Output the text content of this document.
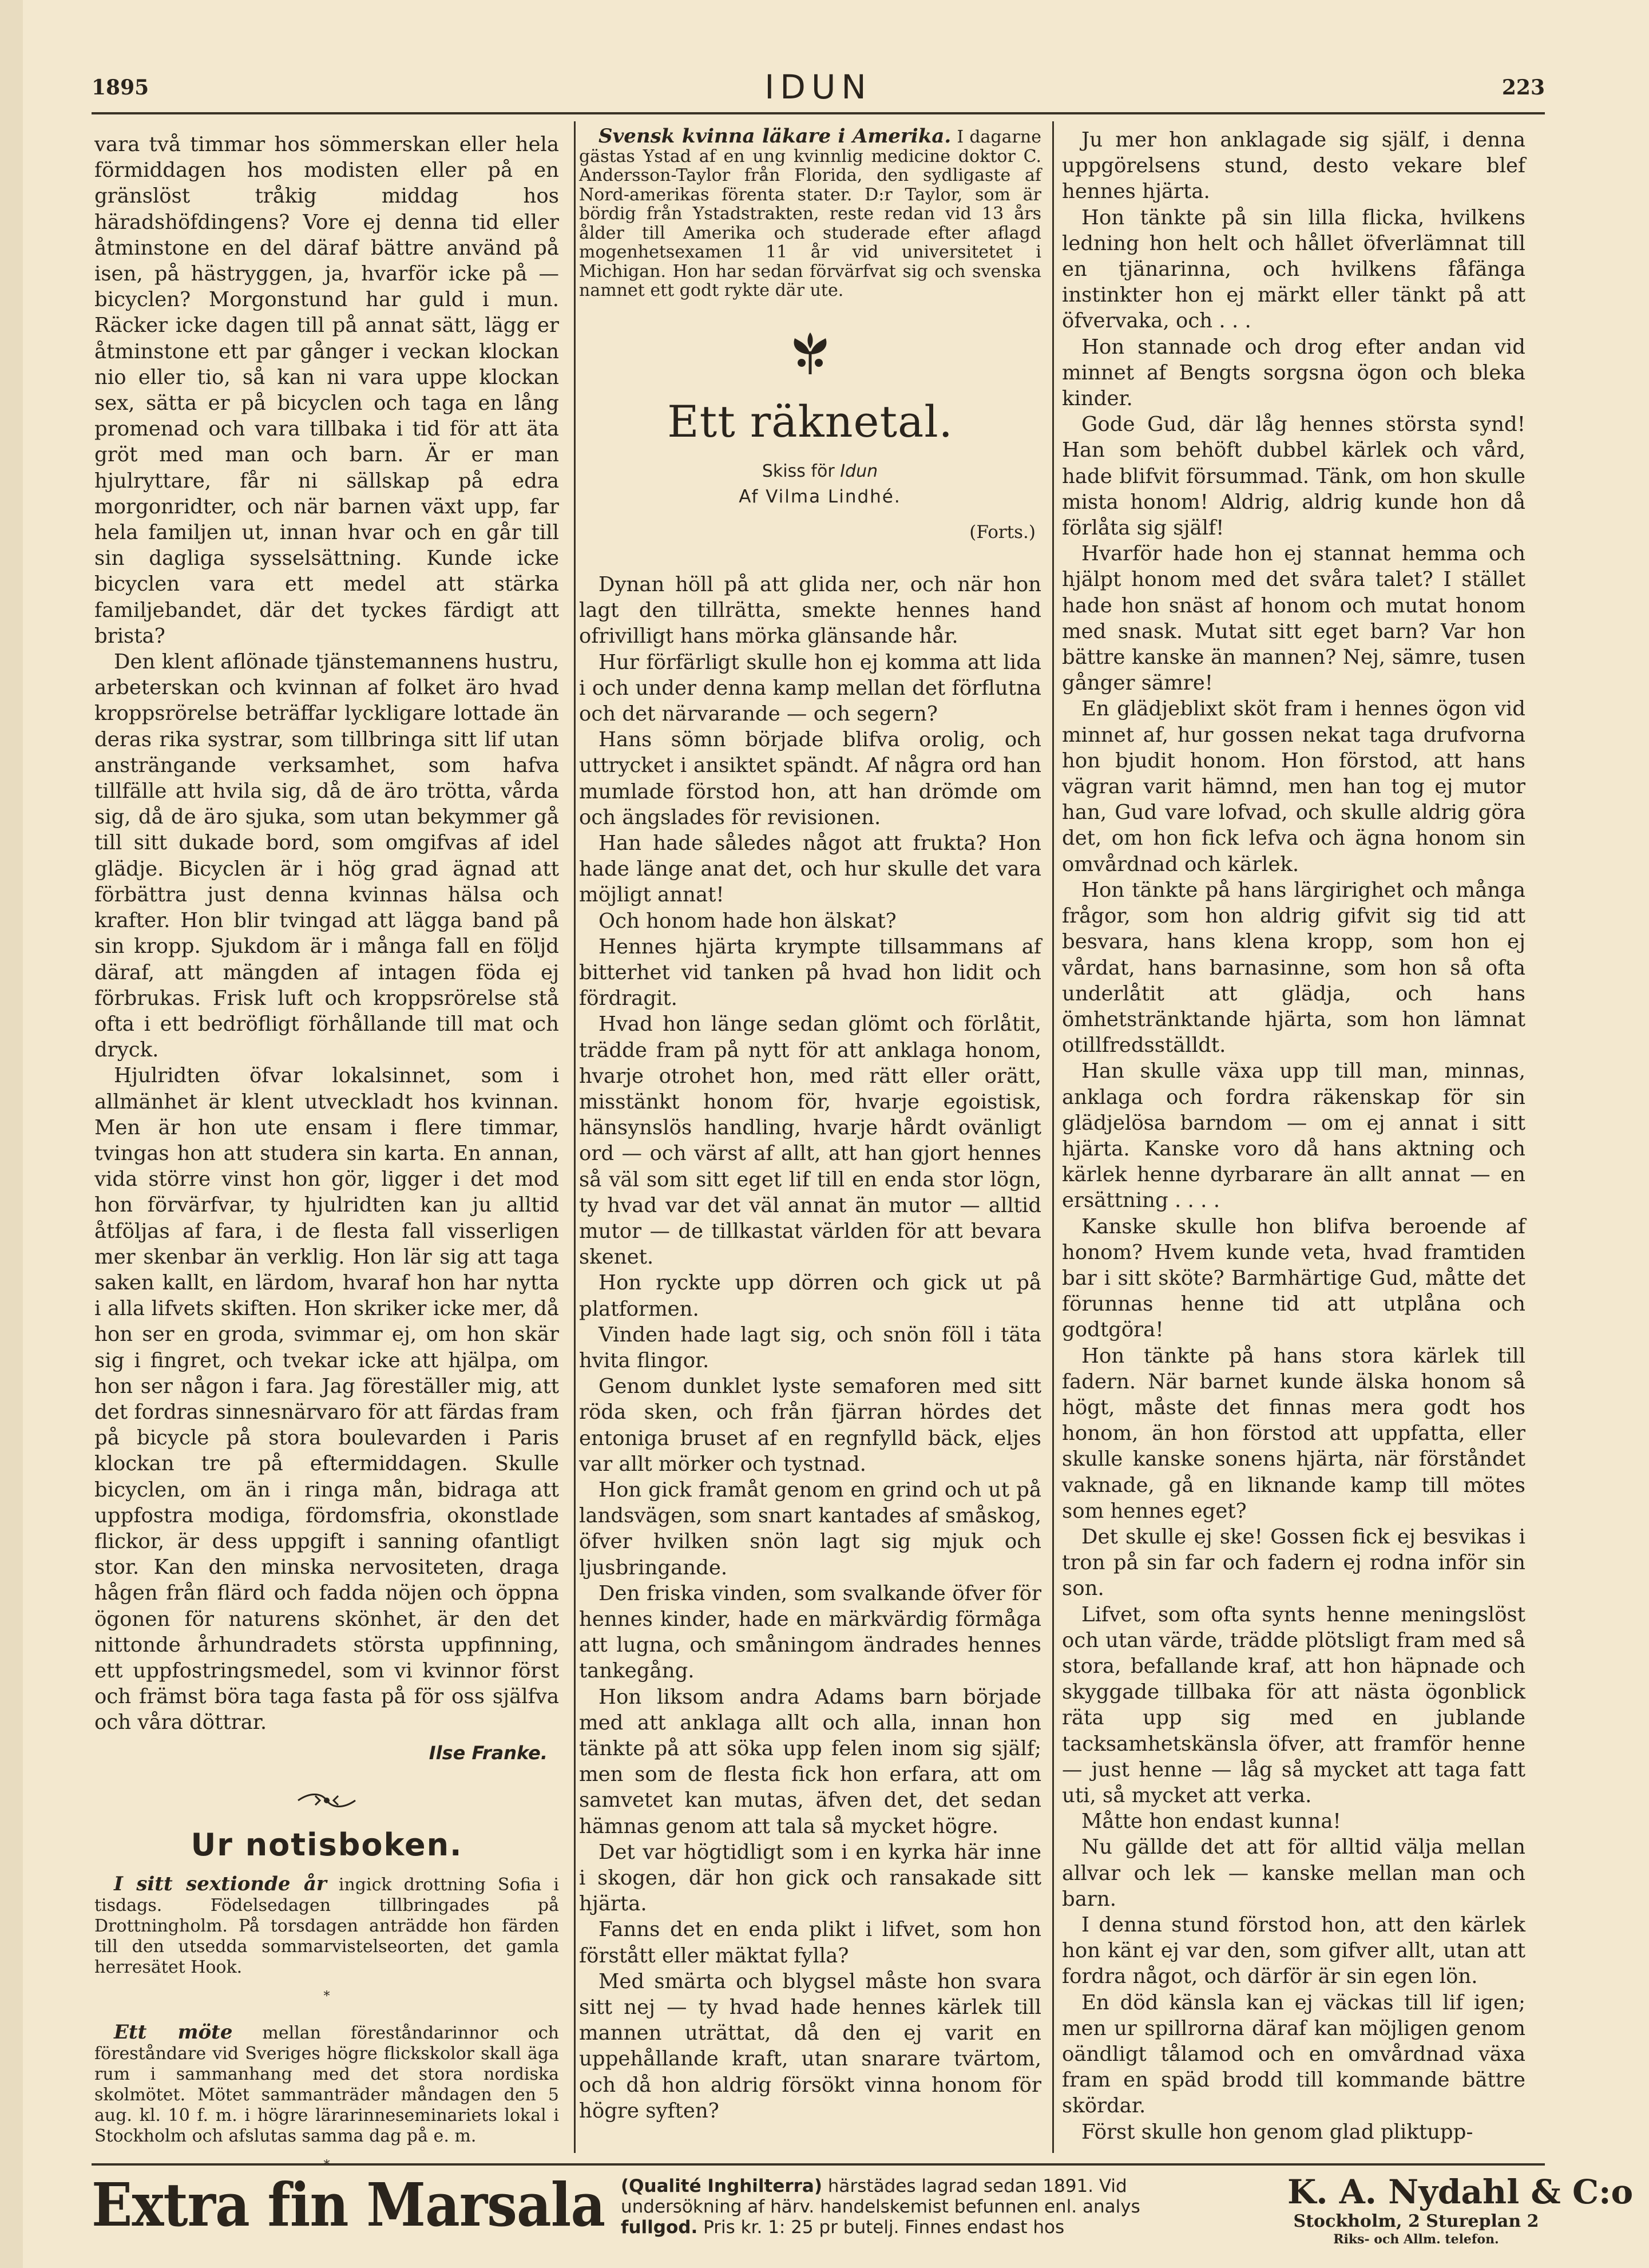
1895	IDUN	223

vara två timmar hos sömmerskan eller hela förmiddagen hos modisten eller på en gränslöst tråkig middag hos häradshöfdingens? Vore ej denna tid eller åtminstone en del däraf bättre använd på isen, på hästryggen, ja, hvarför icke på — bicyclen? Morgonstund har guld i mun. Räcker icke dagen till på annat sätt, lägg er åtminstone ett par gånger i veckan klockan nio eller tio, så kan ni vara uppe klockan sex, sätta er på bicyclen och taga en lång promenad och vara tillbaka i tid för att äta gröt med man och barn. Är er man hjulryttare, får ni sällskap på edra morgonridter, och när barnen växt upp, far hela familjen ut, innan hvar och en går till sin dagliga sysselsättning. Kunde icke bicyclen vara ett medel att stärka familjebandet, där det tyckes färdigt att brista?

Den klent aflönade tjänstemannens hustru, arbeterskan och kvinnan af folket äro hvad kroppsrörelse beträffar lyckligare lottade än deras rika systrar, som tillbringa sitt lif utan ansträngande verksamhet, som hafva tillfälle att hvila sig, då de äro trötta, vårda sig, då de äro sjuka, som utan bekymmer gå till sitt dukade bord, som omgifvas af idel glädje. Bicyclen är i hög grad ägnad att förbättra just denna kvinnas hälsa och krafter. Hon blir tvingad att lägga band på sin kropp. Sjukdom är i många fall en följd däraf, att mängden af intagen föda ej förbrukas. Frisk luft och kroppsrörelse stå ofta i ett bedröfligt förhållande till mat och dryck.

Hjulridten öfvar lokalsinnet, som i allmänhet är klent utveckladt hos kvinnan. Men är hon ute ensam i flere timmar, tvingas hon att studera sin karta. En annan, vida större vinst hon gör, ligger i det mod hon förvärfvar, ty hjulridten kan ju alltid åtföljas af fara, i de flesta fall visserligen mer skenbar än verklig. Hon lär sig att taga saken kallt, en lärdom, hvaraf hon har nytta i alla lifvets skiften. Hon skriker icke mer, då hon ser en groda, svimmar ej, om hon skär sig i fingret, och tvekar icke att hjälpa, om hon ser någon i fara. Jag föreställer mig, att det fordras sinnesnärvaro för att färdas fram på bicycle på stora boulevarden i Paris klockan tre på eftermiddagen. Skulle bicyclen, om än i ringa mån, bidraga att uppfostra modiga, fördomsfria, okonstlade flickor, är dess uppgift i sanning ofantligt stor. Kan den minska nervositeten, draga hågen från flärd och fadda nöjen och öppna ögonen för naturens skönhet, är den det nittonde århundradets största uppfinning, ett uppfostringsmedel, som vi kvinnor först och främst böra taga fasta på för oss själfva och våra döttrar.

Ilse Franke.
Ur notisboken.

I sitt sextionde år ingick drottning Sofia i tisdags. Födelsedagen tillbringades på Drottningholm. På torsdagen anträdde hon färden till den utsedda sommarvistelseorten, det gamla herresätet Hook.

*

Ett möte mellan föreståndarinnor och föreståndare vid Sveriges högre flickskolor skall äga rum i sammanhang med det stora nordiska skolmötet. Mötet sammanträder måndagen den 5 aug. kl. 10 f. m. i högre lärarinneseminariets lokal i Stockholm och afslutas samma dag på e. m.

Svensk kvinna läkare i Amerika. I dagarne gästas Ystad af en ung kvinnlig medicine doktor C. Andersson-Taylor från Florida, den sydligaste af Nord-amerikas förenta stater. D:r Taylor, som är bördig från Ystadstrakten, reste redan vid 13 års ålder till Amerika och studerade efter aflagd mogenhetsexamen 11 år vid universitetet i Michigan. Hon har sedan förvärfvat sig och svenska namnet ett godt rykte där ute.

Ett räknetal.

Skiss för Idun

Af Vilma Lindhé.

(Forts.)

Dynan höll på att glida ner, och när hon lagt den tillrätta, smekte hennes hand ofrivilligt hans mörka glänsande hår.

Hur förfärligt skulle hon ej komma att lida i och under denna kamp mellan det förflutna och det närvarande — och segern?

Hans sömn började blifva orolig, och uttrycket i ansiktet spändt. Af några ord han mumlade förstod hon, att han drömde om och ängslades för revisionen.

Han hade således något att frukta? Hon hade länge anat det, och hur skulle det vara möjligt annat!

Och honom hade hon älskat?

Hennes hjärta krympte tillsammans af bitterhet vid tanken på hvad hon lidit och fördragit.

Hvad hon länge sedan glömt och förlåtit, trädde fram på nytt för att anklaga honom, hvarje otrohet hon, med rätt eller orätt, misstänkt honom för, hvarje egoistisk, hänsynslös handling, hvarje hårdt ovänligt ord — och värst af allt, att han gjort hennes så väl som sitt eget lif till en enda stor lögn, ty hvad var det väl annat än mutor — alltid mutor — de tillkastat världen för att bevara skenet.

Hon ryckte upp dörren och gick ut på platformen.

Vinden hade lagt sig, och snön föll i täta hvita flingor.

Genom dunklet lyste semaforen med sitt röda sken, och från fjärran hördes det entoniga bruset af en regnfylld bäck, eljes var allt mörker och tystnad.

Hon gick framåt genom en grind och ut på landsvägen, som snart kantades af småskog, öfver hvilken snön lagt sig mjuk och ljusbringande.

Den friska vinden, som svalkande öfver för hennes kinder, hade en märkvärdig förmåga att lugna, och småningom ändrades hennes tankegång.

Hon liksom andra Adams barn började med att anklaga allt och alla, innan hon tänkte på att söka upp felen inom sig själf; men som de flesta fick hon erfara, att om samvetet kan mutas, äfven det, det sedan hämnas genom att tala så mycket högre.

Det var högtidligt som i en kyrka här inne i skogen, där hon gick och ransakade sitt hjärta.

Fanns det en enda plikt i lifvet, som hon förstått eller mäktat fylla?

Med smärta och blygsel måste hon svara sitt nej — ty hvad hade hennes kärlek till mannen uträttat, då den ej varit en uppehållande kraft, utan snarare tvärtom, och då hon aldrig försökt vinna honom för högre syften?

Ju mer hon anklagade sig själf, i denna uppgörelsens stund, desto vekare blef hennes hjärta.

Hon tänkte på sin lilla flicka, hvilkens ledning hon helt och hållet öfverlämnat till en tjänarinna, och hvilkens fåfänga instinkter hon ej märkt eller tänkt på att öfvervaka, och . . .

Hon stannade och drog efter andan vid minnet af Bengts sorgsna ögon och bleka kinder.

Gode Gud, där låg hennes största synd! Han som behöft dubbel kärlek och vård, hade blifvit försummad. Tänk, om hon skulle mista honom! Aldrig, aldrig kunde hon då förlåta sig själf!

Hvarför hade hon ej stannat hemma och hjälpt honom med det svåra talet? I stället hade hon snäst af honom och mutat honom med snask. Mutat sitt eget barn? Var hon bättre kanske än mannen? Nej, sämre, tusen gånger sämre!

En glädjeblixt sköt fram i hennes ögon vid minnet af, hur gossen nekat taga drufvorna hon bjudit honom. Hon förstod, att hans vägran varit hämnd, men han tog ej mutor han, Gud vare lofvad, och skulle aldrig göra det, om hon fick lefva och ägna honom sin omvårdnad och kärlek.

Hon tänkte på hans lärgirighet och många frågor, som hon aldrig gifvit sig tid att besvara, hans klena kropp, som hon ej vårdat, hans barnasinne, som hon så ofta underlåtit att glädja, och hans ömhetstränktande hjärta, som hon lämnat otillfredsställdt.

Han skulle växa upp till man, minnas, anklaga och fordra räkenskap för sin glädjelösa barndom — om ej annat i sitt hjärta. Kanske voro då hans aktning och kärlek henne dyrbarare än allt annat — en ersättning . . . .

Kanske skulle hon blifva beroende af honom? Hvem kunde veta, hvad framtiden bar i sitt sköte? Barmhärtige Gud, måtte det förunnas henne tid att utplåna och godtgöra!

Hon tänkte på hans stora kärlek till fadern. När barnet kunde älska honom så högt, måste det finnas mera godt hos honom, än hon förstod att uppfatta, eller skulle kanske sonens hjärta, när förståndet vaknade, gå en liknande kamp till mötes som hennes eget?

Det skulle ej ske! Gossen fick ej besvikas i tron på sin far och fadern ej rodna inför sin son.

Lifvet, som ofta synts henne meningslöst och utan värde, trädde plötsligt fram med så stora, befallande kraf, att hon häpnade och skyggade tillbaka för att nästa ögonblick räta upp sig med en jublande tacksamhetskänsla öfver, att framför henne — just henne — låg så mycket att taga fatt uti, så mycket att verka.

Måtte hon endast kunna!

Nu gällde det att för alltid välja mellan allvar och lek — kanske mellan man och barn.

I denna stund förstod hon, att den kärlek hon känt ej var den, som gifver allt, utan att fordra något, och därför är sin egen lön.

En död känsla kan ej väckas till lif igen; men ur spillrorna däraf kan möjligen genom oändligt tålamod och en omvårdnad växa fram en späd brodd till kommande bättre skördar.

Först skulle hon genom glad pliktupp-

Extra fin Marsala (Qualité Inghilterra) härstädes lagrad sedan 1891. Vid
undersökning af härv. handelskemist befunnen enl. analys
fullgod. Pris kr. 1: 25 pr butelj. Finnes endast hos
K. A. Nydahl & C:o
Stockholm, 2 Stureplan 2
Riks- och Allm. telefon.
